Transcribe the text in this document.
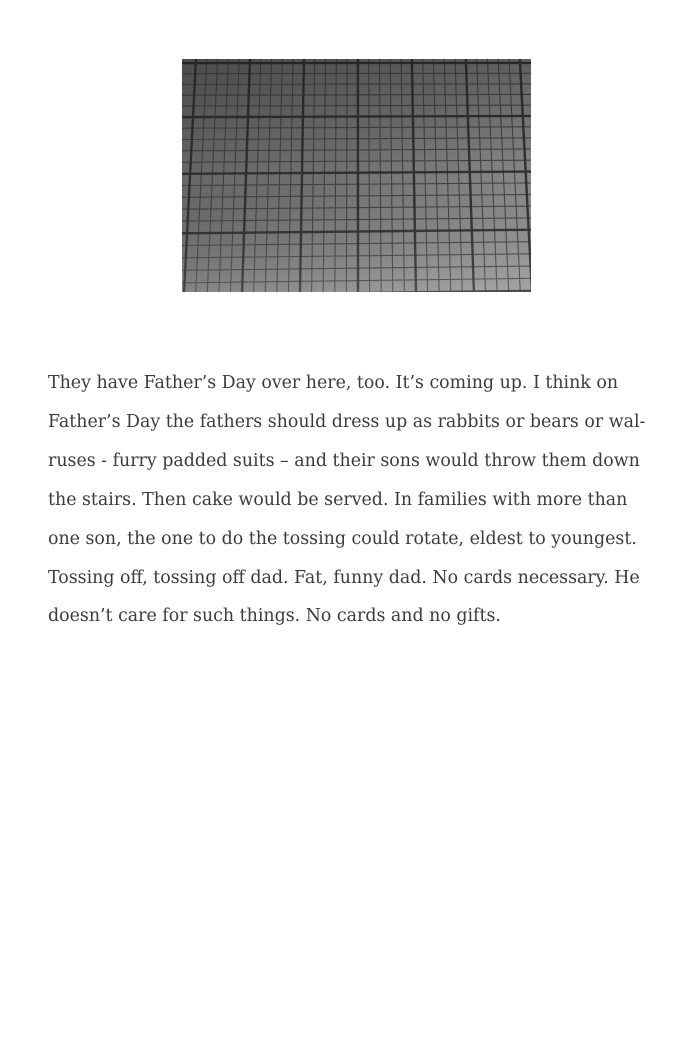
They have Father’s Day over here, too. It’s coming up. I think on
Father’s Day the fathers should dress up as rabbits or bears or wal-
ruses - furry padded suits – and their sons would throw them down
the stairs. Then cake would be served. In families with more than
one son, the one to do the tossing could rotate, eldest to youngest.
Tossing off, tossing off dad. Fat, funny dad. No cards necessary. He
doesn’t care for such things. No cards and no gifts.
